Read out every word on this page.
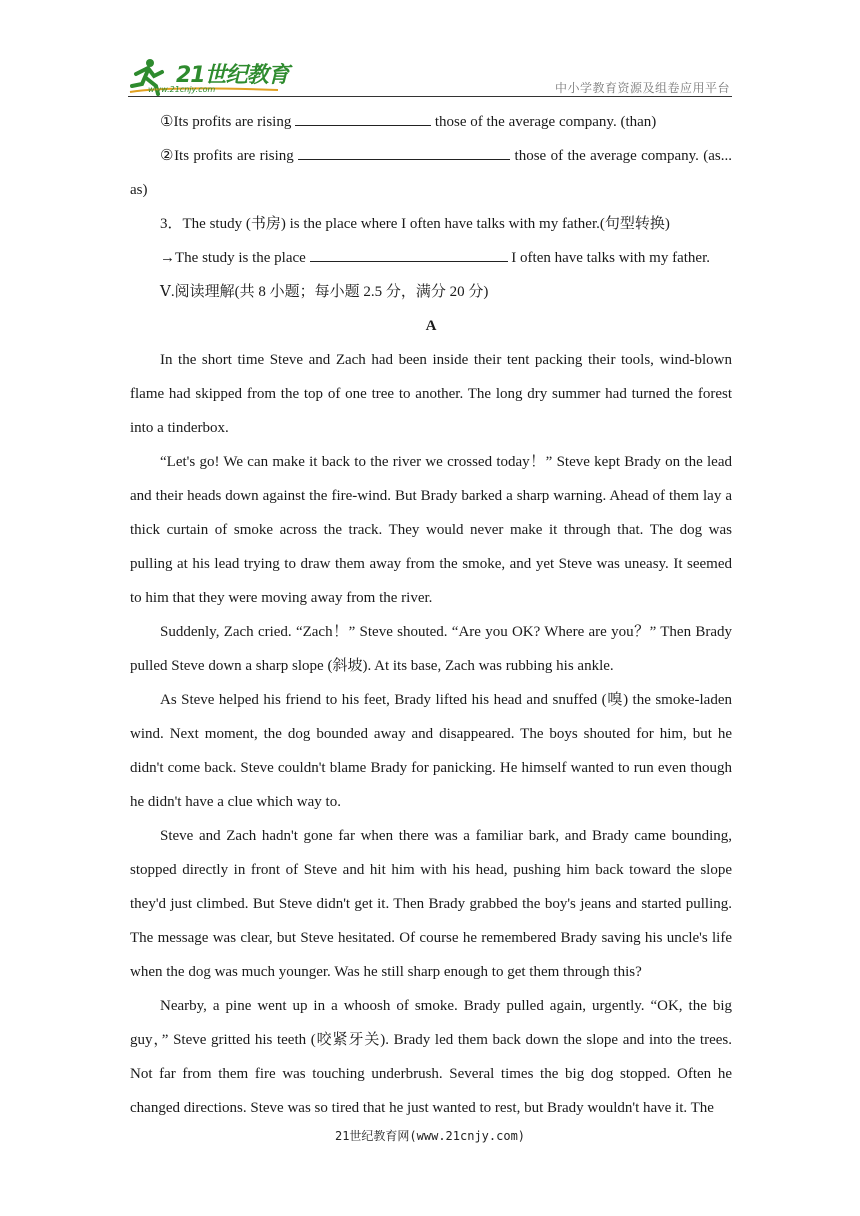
21世纪教育
www.21cnjy.com	中小学教育资源及组卷应用平台

①Its profits are rising	those of the average company. (than)

②Its profits are rising	those of the average company. (as... as)

3．The study (书房) is the place where I often have talks with my father.(句型转换)

→The study is the place	I often have talks with my father.

Ⅴ.阅读理解(共 8 小题；每小题 2.5 分，满分 20 分)

A

In the short time Steve and Zach had been inside their tent packing their tools, wind-blown flame had skipped from the top of one tree to another. The long dry summer had turned the forest into a tinderbox.

“Let's go! We can make it back to the river we crossed today！” Steve kept Brady on the lead and their heads down against the fire-wind. But Brady barked a sharp warning. Ahead of them lay a thick curtain of smoke across the track. They would never make it through that. The dog was pulling at his lead trying to draw them away from the smoke, and yet Steve was uneasy. It seemed to him that they were moving away from the river.

Suddenly, Zach cried. “Zach！” Steve shouted. “Are you OK? Where are you？” Then Brady pulled Steve down a sharp slope (斜坡). At its base, Zach was rubbing his ankle.

As Steve helped his friend to his feet, Brady lifted his head and snuffed (嗅) the smoke-laden wind. Next moment, the dog bounded away and disappeared. The boys shouted for him, but he didn't come back. Steve couldn't blame Brady for panicking. He himself wanted to run even though he didn't have a clue which way to.

Steve and Zach hadn't gone far when there was a familiar bark, and Brady came bounding, stopped directly in front of Steve and hit him with his head, pushing him back toward the slope they'd just climbed. But Steve didn't get it. Then Brady grabbed the boy's jeans and started pulling. The message was clear, but Steve hesitated. Of course he remembered Brady saving his uncle's life when the dog was much younger. Was he still sharp enough to get them through this?

Nearby, a pine went up in a whoosh of smoke. Brady pulled again, urgently. “OK, the big guy，” Steve gritted his teeth (咬紧牙关). Brady led them back down the slope and into the trees. Not far from them fire was touching underbrush. Several times the big dog stopped. Often he changed directions. Steve was so tired that he just wanted to rest, but Brady wouldn't have it. The

21世纪教育网(www.21cnjy.com)
